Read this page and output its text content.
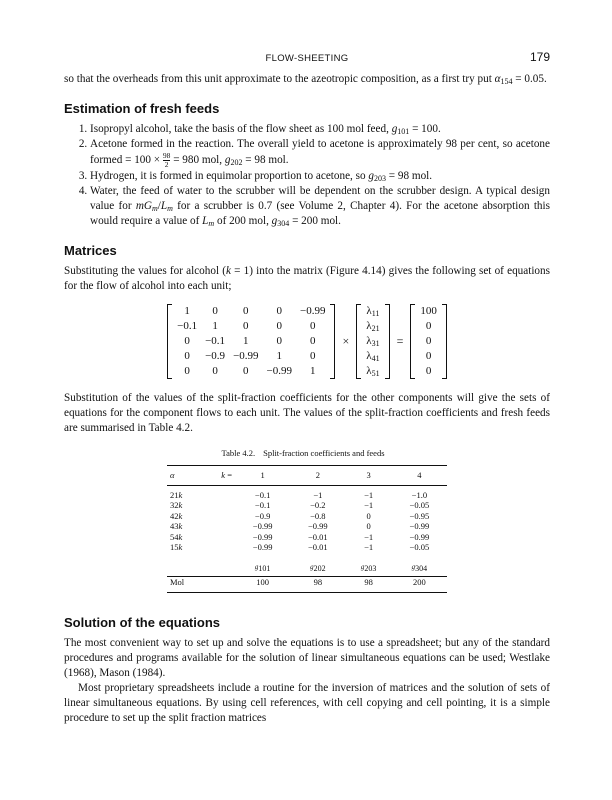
FLOW-SHEETING	179

so that the overheads from this unit approximate to the azeotropic composition, as a first try put $\alpha_{154} = 0.05$.

Estimation of fresh feeds
1. Isopropyl alcohol, take the basis of the flow sheet as 100 mol feed, $g_{101} = 100$.
2. Acetone formed in the reaction. The overall yield to acetone is approximately 98 per cent, so acetone formed = $100 \times \frac{98}{2} = 980$ mol, $g_{202} = 98$ mol.
3. Hydrogen, it is formed in equimolar proportion to acetone, so $g_{203} = 98$ mol.
4. Water, the feed of water to the scrubber will be dependent on the scrubber design. A typical design value for $mG_m/L_m$ for a scrubber is 0.7 (see Volume 2, Chapter 4). For the acetone absorption this would require a value of $L_m$ of 200 mol, $g_{304} = 200$ mol.
Matrices

Substituting the values for alcohol (k = 1) into the matrix (Figure 4.14) gives the following set of equations for the flow of alcohol into each unit;

1	0	0	0	−0.99
−0.1	1	0	0	0
0	−0.1	1	0	0
0	−0.9	−0.99	1	0
0	0	0	−0.99	1
×
$\lambda_{11}$
$\lambda_{21}$
$\lambda_{31}$
$\lambda_{41}$
$\lambda_{51}$
=
100
0
0
0
0

Substitution of the values of the split-fraction coefficients for the other components will give the sets of equations for the component flows to each unit. The values of the split-fraction coefficients and fresh feeds are summarised in Table 4.2.

Table 4.2. Split-fraction coefficients and feeds
α	k =	1	2	3	4
21k		−0.1	−1	−1	−1.0
32k		−0.1	−0.2	−1	−0.05
42k		−0.9	−0.8	0	−0.95
43k		−0.99	−0.99	0	−0.99
54k		−0.99	−0.01	−1	−0.99
15k		−0.99	−0.01	−1	−0.05
		$g_{101}$	$g_{202}$	$g_{203}$	$g_{304}$
Mol		100	98	98	200
Solution of the equations

The most convenient way to set up and solve the equations is to use a spreadsheet; but any of the standard procedures and programs available for the solution of linear simultaneous equations can be used; Westlake (1968), Mason (1984).

Most proprietary spreadsheets include a routine for the inversion of matrices and the solution of sets of linear simultaneous equations. By using cell references, with cell copying and cell pointing, it is a simple procedure to set up the split fraction matrices
